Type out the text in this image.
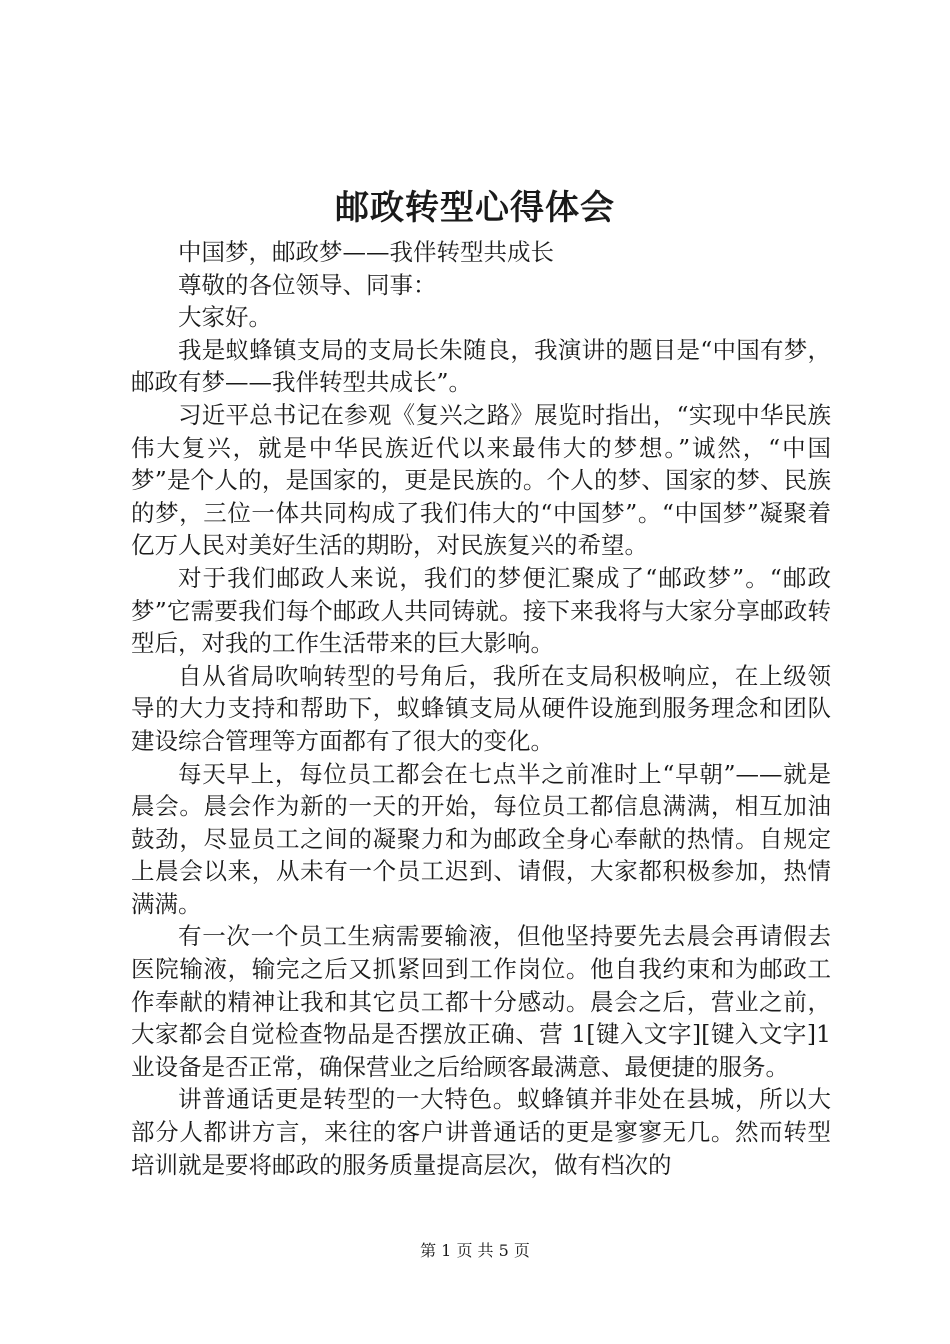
邮政转型心得体会

中国梦，邮政梦——我伴转型共成长

尊敬的各位领导、同事：

大家好。

我是蚁蜂镇支局的支局长朱随良，我演讲的题目是“中国有梦，邮政有梦——我伴转型共成长”。

习近平总书记在参观《复兴之路》展览时指出，“实现中华民族伟大复兴，就是中华民族近代以来最伟大的梦想。”诚然，“中国梦”是个人的，是国家的，更是民族的。个人的梦、国家的梦、民族的梦，三位一体共同构成了我们伟大的“中国梦”。“中国梦”凝聚着亿万人民对美好生活的期盼，对民族复兴的希望。

对于我们邮政人来说，我们的梦便汇聚成了“邮政梦”。“邮政梦”它需要我们每个邮政人共同铸就。接下来我将与大家分享邮政转型后，对我的工作生活带来的巨大影响。

自从省局吹响转型的号角后，我所在支局积极响应，在上级领导的大力支持和帮助下，蚁蜂镇支局从硬件设施到服务理念和团队建设综合管理等方面都有了很大的变化。

每天早上，每位员工都会在七点半之前准时上“早朝”——就是晨会。晨会作为新的一天的开始，每位员工都信息满满，相互加油鼓劲，尽显员工之间的凝聚力和为邮政全身心奉献的热情。自规定上晨会以来，从未有一个员工迟到、请假，大家都积极参加，热情满满。

有一次一个员工生病需要输液，但他坚持要先去晨会再请假去医院输液，输完之后又抓紧回到工作岗位。他自我约束和为邮政工作奉献的精神让我和其它员工都十分感动。晨会之后，营业之前，大家都会自觉检查物品是否摆放正确、营 1[键入文字][键入文字]1 业设备是否正常，确保营业之后给顾客最满意、最便捷的服务。

讲普通话更是转型的一大特色。蚁蜂镇并非处在县城，所以大部分人都讲方言，来往的客户讲普通话的更是寥寥无几。然而转型培训就是要将邮政的服务质量提高层次，做有档次的

第 1 页 共 5 页
